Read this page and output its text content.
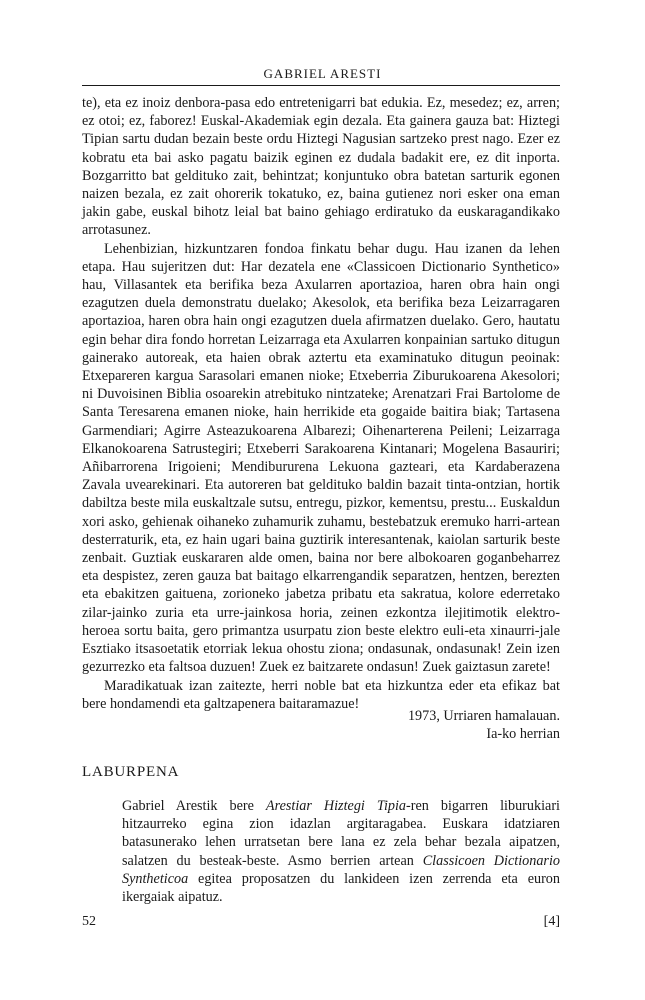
GABRIEL ARESTI

te), eta ez inoiz denbora-pasa edo entretenigarri bat edukia. Ez, mesedez; ez, arren; ez otoi; ez, faborez! Euskal-Akademiak egin dezala. Eta gainera gauza bat: Hiztegi Tipian sartu dudan bezain beste ordu Hiztegi Nagusian sartzeko prest nago. Ezer ez kobratu eta bai asko pagatu baizik eginen ez dudala badakit ere, ez dit inporta. Bozgarritto bat geldituko zait, behintzat; konjuntuko obra batetan sarturik egonen naizen bezala, ez zait ohorerik tokatuko, ez, baina gutienez nori esker ona eman jakin gabe, euskal bihotz leial bat baino gehiago erdiratuko da euskaragandikako arrotasunez.

Lehenbizian, hizkuntzaren fondoa finkatu behar dugu. Hau izanen da lehen etapa. Hau sujeritzen dut: Har dezatela ene «Classicoen Dictionario Synthetico» hau, Villasantek eta berifika beza Axularren aportazioa, haren obra hain ongi ezagutzen duela demonstratu duelako; Akesolok, eta berifika beza Leizarragaren aportazioa, haren obra hain ongi ezagutzen duela afirmatzen duelako. Gero, hautatu egin behar dira fondo horretan Leizarraga eta Axularren konpainian sartuko ditugun gainerako autoreak, eta haien obrak aztertu eta examinatuko ditugun peoinak: Etxepareren kargua Sarasolari emanen nioke; Etxeberria Ziburukoarena Akesolori; ni Duvoisinen Biblia osoarekin atrebituko nintzateke; Arenatzari Frai Bartolome de Santa Teresarena emanen nioke, hain herrikide eta gogaide baitira biak; Tartasena Garmendiari; Agirre Asteazukoarena Albarezi; Oihenarterena Peileni; Leizarraga Elkanokoarena Satrustegiri; Etxeberri Sarakoarena Kintanari; Mogelena Basauriri; Añibarrorena Irigoieni; Mendibururena Lekuona gazteari, eta Kardaberazena Zavala uvearekinari. Eta autoreren bat geldituko baldin bazait tinta-ontzian, hortik dabiltza beste mila euskaltzale sutsu, entregu, pizkor, kementsu, prestu... Euskaldun xori asko, gehienak oihaneko zuhamurik zuhamu, bestebatzuk eremuko harri-artean desterraturik, eta, ez hain ugari baina guztirik interesantenak, kaiolan sarturik beste zenbait. Guztiak euskararen alde omen, baina nor bere albokoaren goganbeharrez eta despistez, zeren gauza bat baitago elkarrengandik separatzen, hentzen, berezten eta ebakitzen gaituena, zorioneko jabetza pribatu eta sakratua, kolore ederretako zilar-jainko zuria eta urre-jainkosa horia, zeinen ezkontza ilejitimotik elektro-heroea sortu baita, gero primantza usurpatu zion beste elektro euli-eta xinaurri-jale Esztiako itsasoetatik etorriak lekua ohostu ziona; ondasunak, ondasunak! Zein izen gezurrezko eta faltsoa duzuen! Zuek ez baitzarete ondasun! Zuek gaiztasun zarete!

Maradikatuak izan zaitezte, herri noble bat eta hizkuntza eder eta efikaz bat bere hondamendi eta galtzapenera baitaramazue!

1973, Urriaren hamalauan.
Ia-ko herrian
LABURPENA

Gabriel Arestik bere Arestiar Hiztegi Tipia-ren bigarren liburukiari hitzaurreko egina zion idazlan argitaragabea. Euskara idatziaren batasunerako lehen urratsetan bere lana ez zela behar bezala aipatzen, salatzen du besteak-beste. Asmo berrien artean Classicoen Dictionario Syntheticoa egitea proposatzen du lankideen izen zerrenda eta euron ikergaiak aipatuz.

52	[4]
